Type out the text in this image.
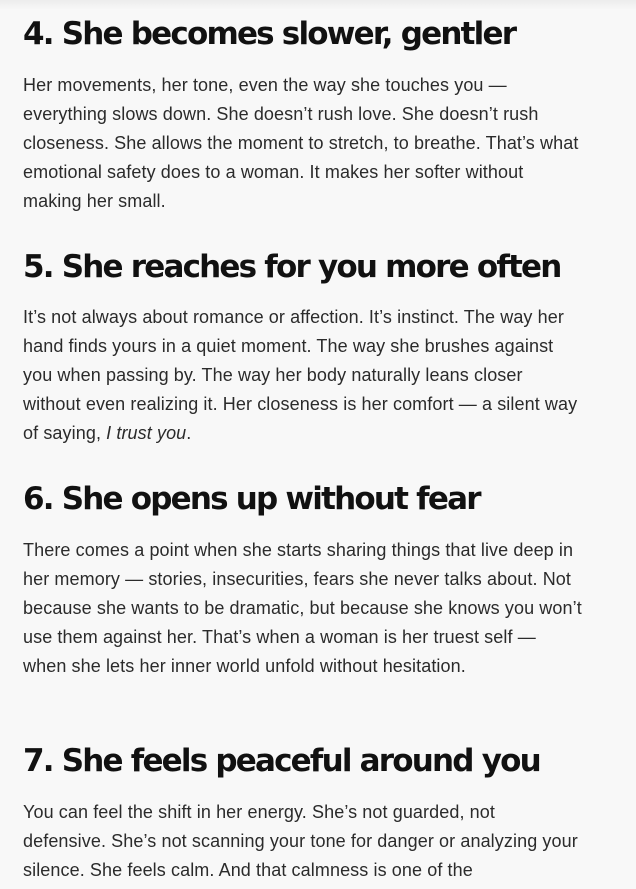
4. She becomes slower, gentler

Her movements, her tone, even the way she touches you — everything slows down. She doesn’t rush love. She doesn’t rush closeness. She allows the moment to stretch, to breathe. That’s what emotional safety does to a woman. It makes her softer without making her small.

5. She reaches for you more often

It’s not always about romance or affection. It’s instinct. The way her hand finds yours in a quiet moment. The way she brushes against you when passing by. The way her body naturally leans closer without even realizing it. Her closeness is her comfort — a silent way of saying, I trust you.

6. She opens up without fear

There comes a point when she starts sharing things that live deep in her memory — stories, insecurities, fears she never talks about. Not because she wants to be dramatic, but because she knows you won’t use them against her. That’s when a woman is her truest self — when she lets her inner world unfold without hesitation.

7. She feels peaceful around you

You can feel the shift in her energy. She’s not guarded, not defensive. She’s not scanning your tone for danger or analyzing your silence. She feels calm. And that calmness is one of the
